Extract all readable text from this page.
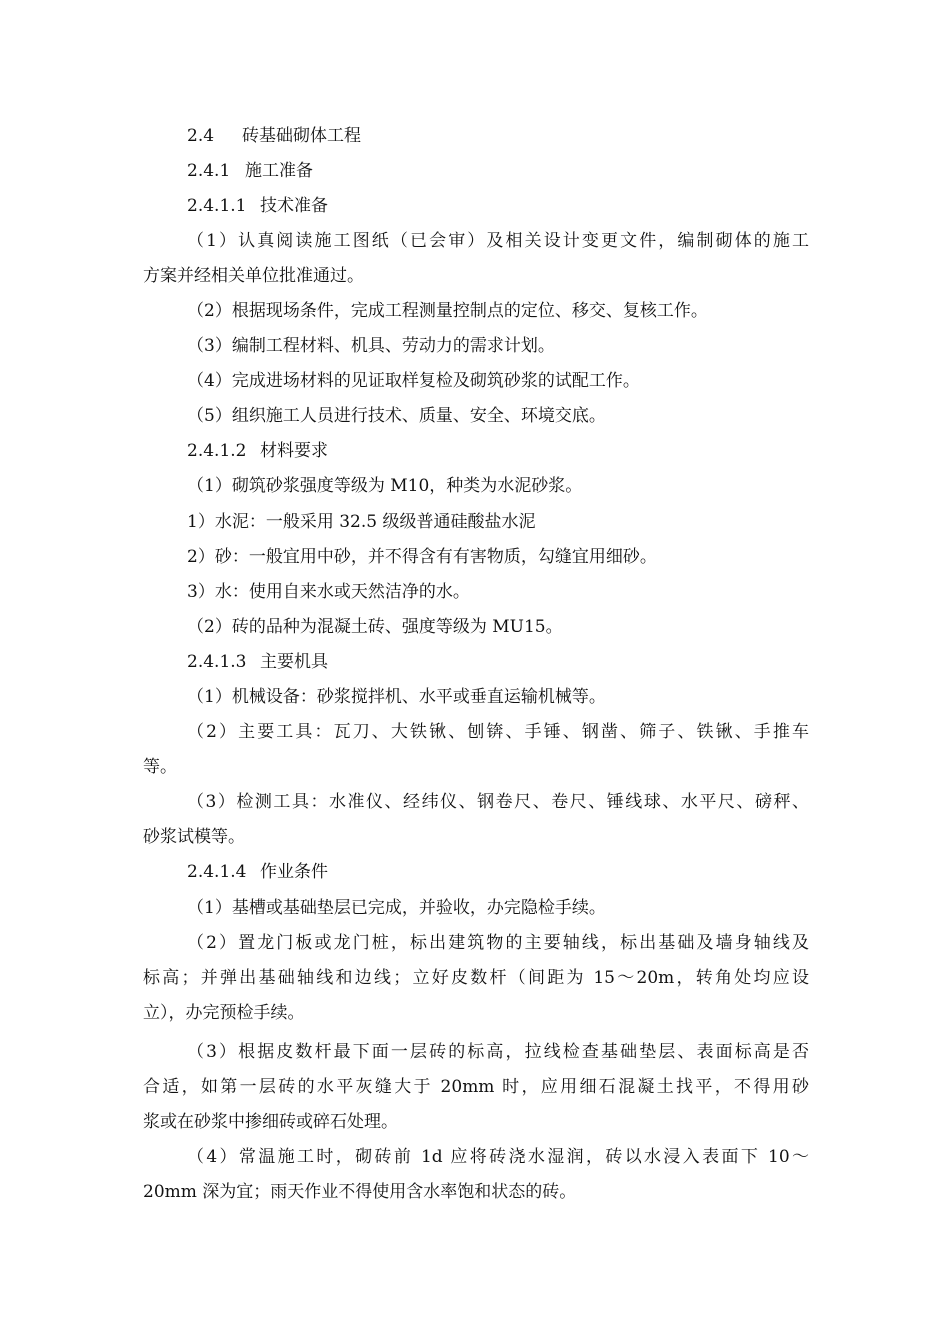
2.4 砖基础砌体工程
2.4.1 施工准备
2.4.1.1 技术准备
（1）认真阅读施工图纸（已会审）及相关设计变更文件，编制砌体的施工
方案并经相关单位批准通过。
（2）根据现场条件，完成工程测量控制点的定位、移交、复核工作。
（3）编制工程材料、机具、劳动力的需求计划。
（4）完成进场材料的见证取样复检及砌筑砂浆的试配工作。
（5）组织施工人员进行技术、质量、安全、环境交底。
2.4.1.2 材料要求
（1）砌筑砂浆强度等级为 M10，种类为水泥砂浆。
1）水泥：一般采用 32.5 级级普通硅酸盐水泥
2）砂：一般宜用中砂，并不得含有有害物质，勾缝宜用细砂。
3）水：使用自来水或天然洁净的水。
（2）砖的品种为混凝土砖、强度等级为 MU15。
2.4.1.3 主要机具
（1）机械设备：砂浆搅拌机、水平或垂直运输机械等。
（2）主要工具：瓦刀、大铁锹、刨锛、手锤、钢凿、筛子、铁锹、手推车
等。
（3）检测工具：水准仪、经纬仪、钢卷尺、卷尺、锤线球、水平尺、磅秤、
砂浆试模等。
2.4.1.4 作业条件
（1）基槽或基础垫层已完成，并验收，办完隐检手续。
（2）置龙门板或龙门桩，标出建筑物的主要轴线，标出基础及墙身轴线及
标高；并弹出基础轴线和边线；立好皮数杆（间距为 15～20m，转角处均应设
立），办完预检手续。
（3）根据皮数杆最下面一层砖的标高，拉线检查基础垫层、表面标高是否
合适，如第一层砖的水平灰缝大于 20mm 时，应用细石混凝土找平，不得用砂
浆或在砂浆中掺细砖或碎石处理。
（4）常温施工时，砌砖前 1d 应将砖浇水湿润，砖以水浸入表面下 10～
20mm 深为宜；雨天作业不得使用含水率饱和状态的砖。
